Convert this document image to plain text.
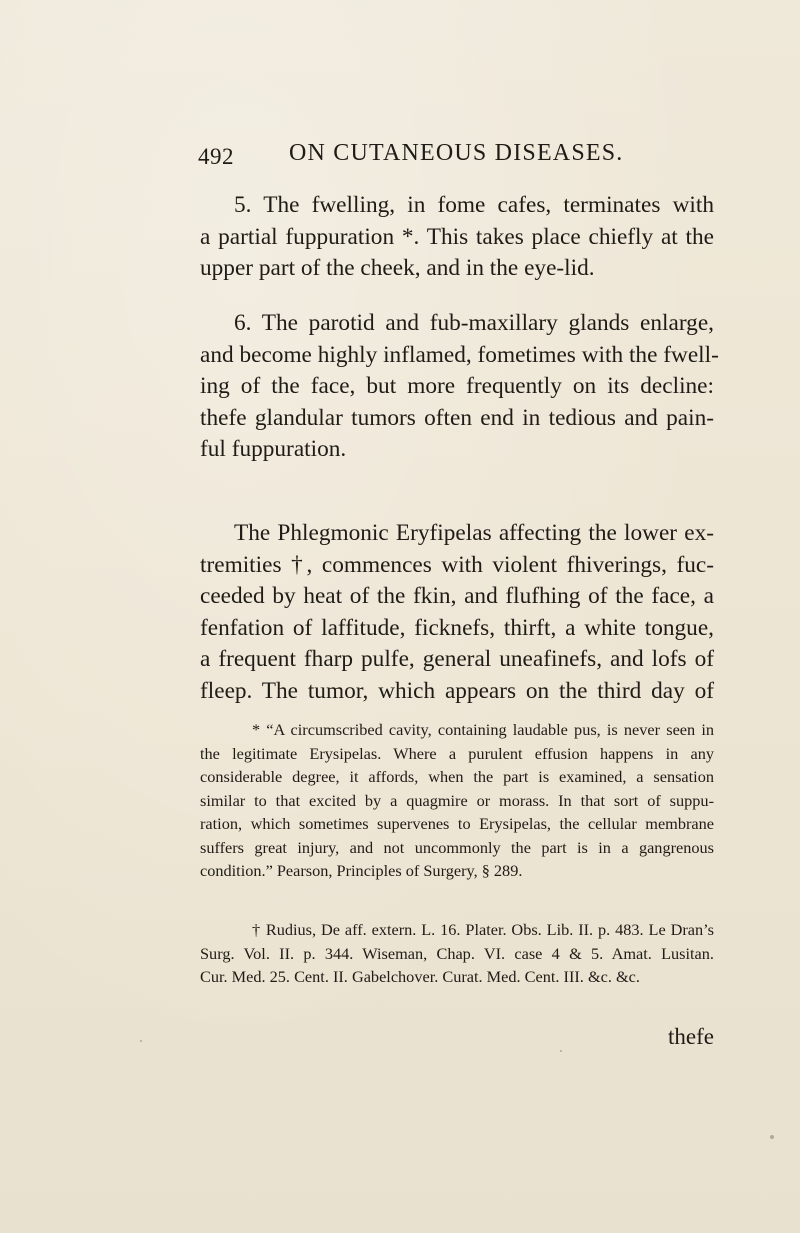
492 ON CUTANEOUS DISEASES.

5. The fwelling, in fome cafes, terminates with
a partial fuppuration *. This takes place chiefly at the
upper part of the cheek, and in the eye-lid.

6. The parotid and fub-maxillary glands enlarge,
and become highly inflamed, fometimes with the fwell-
ing of the face, but more frequently on its decline:
thefe glandular tumors often end in tedious and pain-
ful fuppuration.

The Phlegmonic Eryfipelas affecting the lower ex-
tremities †, commences with violent fhiverings, fuc-
ceeded by heat of the fkin, and flufhing of the face, a
fenfation of laffitude, ficknefs, thirft, a white tongue,
a frequent fharp pulfe, general uneafinefs, and lofs of
fleep. The tumor, which appears on the third day of

* “A circumscribed cavity, containing laudable pus, is never seen in
the legitimate Erysipelas. Where a purulent effusion happens in any
considerable degree, it affords, when the part is examined, a sensation
similar to that excited by a quagmire or morass. In that sort of suppu-
ration, which sometimes supervenes to Erysipelas, the cellular membrane
suffers great injury, and not uncommonly the part is in a gangrenous
condition.” Pearson, Principles of Surgery, § 289.
† Rudius, De aff. extern. L. 16. Plater. Obs. Lib. II. p. 483. Le Dran’s
Surg. Vol. II. p. 344. Wiseman, Chap. VI. case 4 & 5. Amat. Lusitan.
Cur. Med. 25. Cent. II. Gabelchover. Curat. Med. Cent. III. &c. &c.
thefe
